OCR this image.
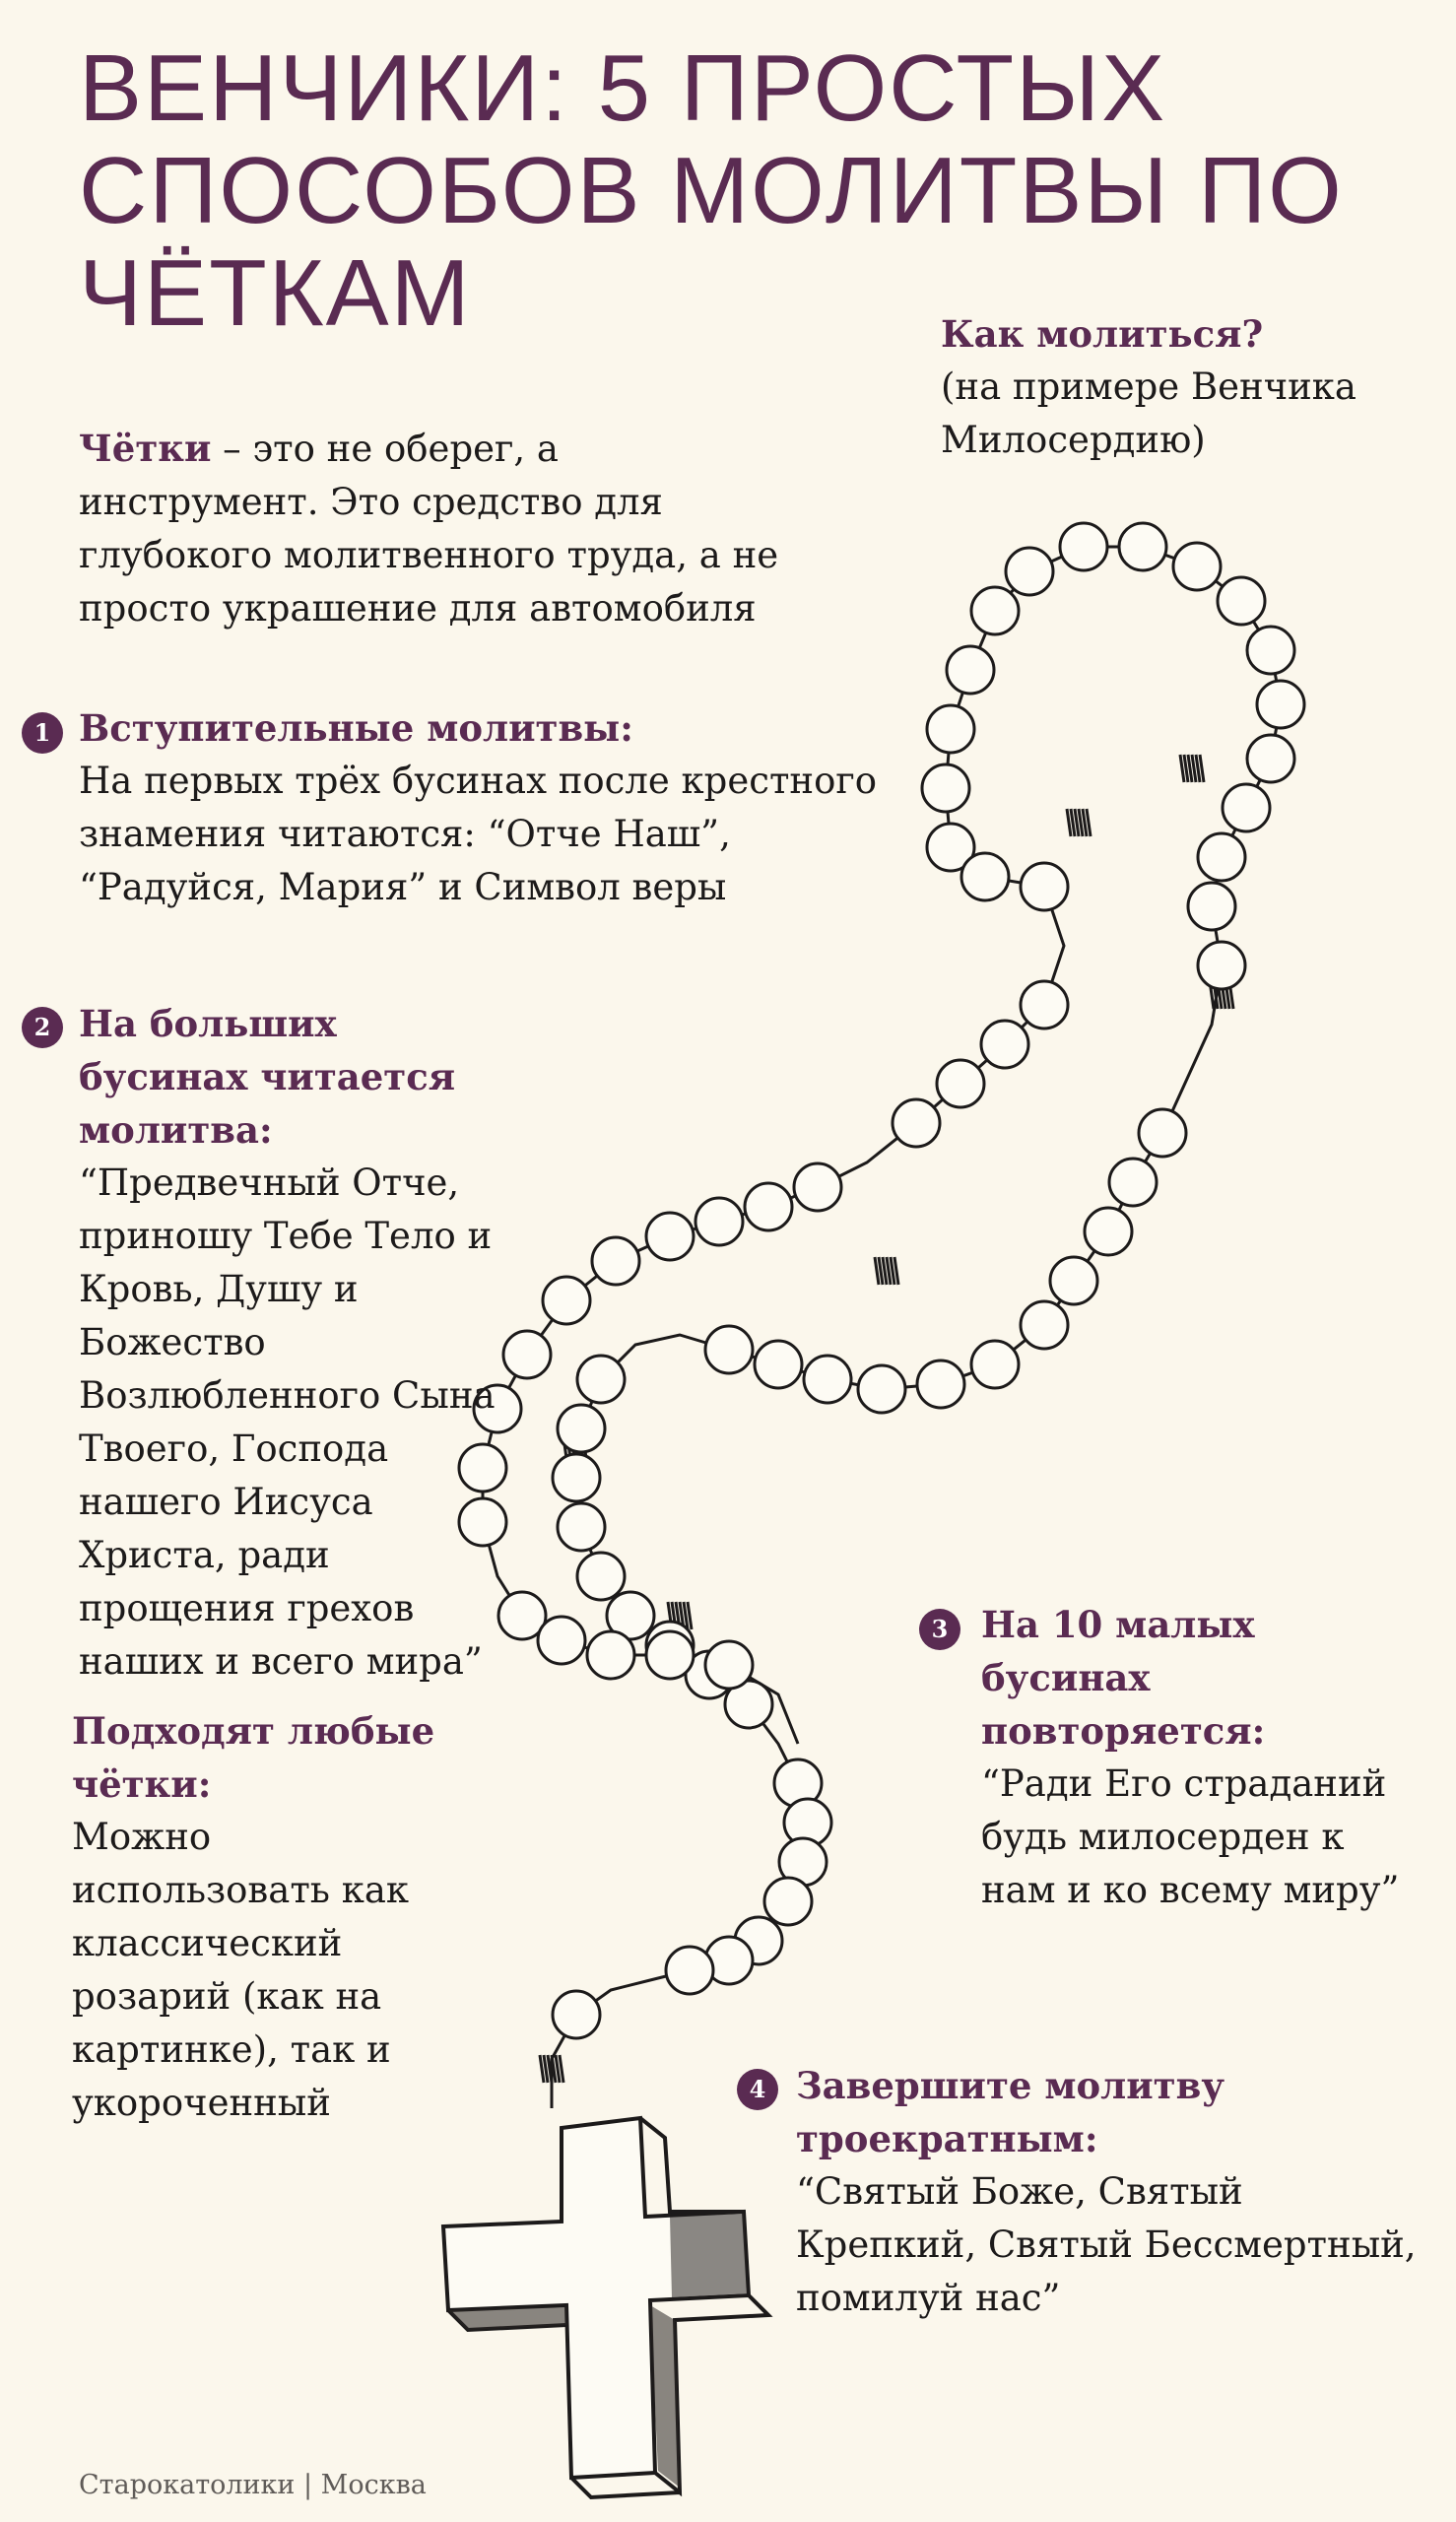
ВЕНЧИКИ: 5 ПРОСТЫХ СПОСОБОВ МОЛИТВЫ ПО ЧЁТКАМ	Как молиться?
(на примере Венчика Милосердию)
Чётки – это не оберег, а инструмент. Это средство для глубокого молитвенного труда, а не просто украшение для автомобиля
1 Вступительные молитвы:
На первых трёх бусинах после крестного знамения читаются: “Отче Наш”, “Радуйся, Мария” и Символ веры
2 На больших бусинах читается молитва:
“Предвечный Отче, приношу Тебе Тело и Кровь, Душу и Божество Возлюбленного Сына Твоего, Господа нашего Иисуса Христа, ради прощения грехов наших и всего мира”
Подходят любые чётки:
Можно использовать как классический розарий (как на картинке), так и укороченный
3 На 10 малых бусинах повторяется:
“Ради Его страданий будь милосерден к нам и ко всему миру”
4 Завершите молитву троекратным:
“Святый Боже, Святый Крепкий, Святый Бессмертный, помилуй нас”
Старокатолики | Москва
